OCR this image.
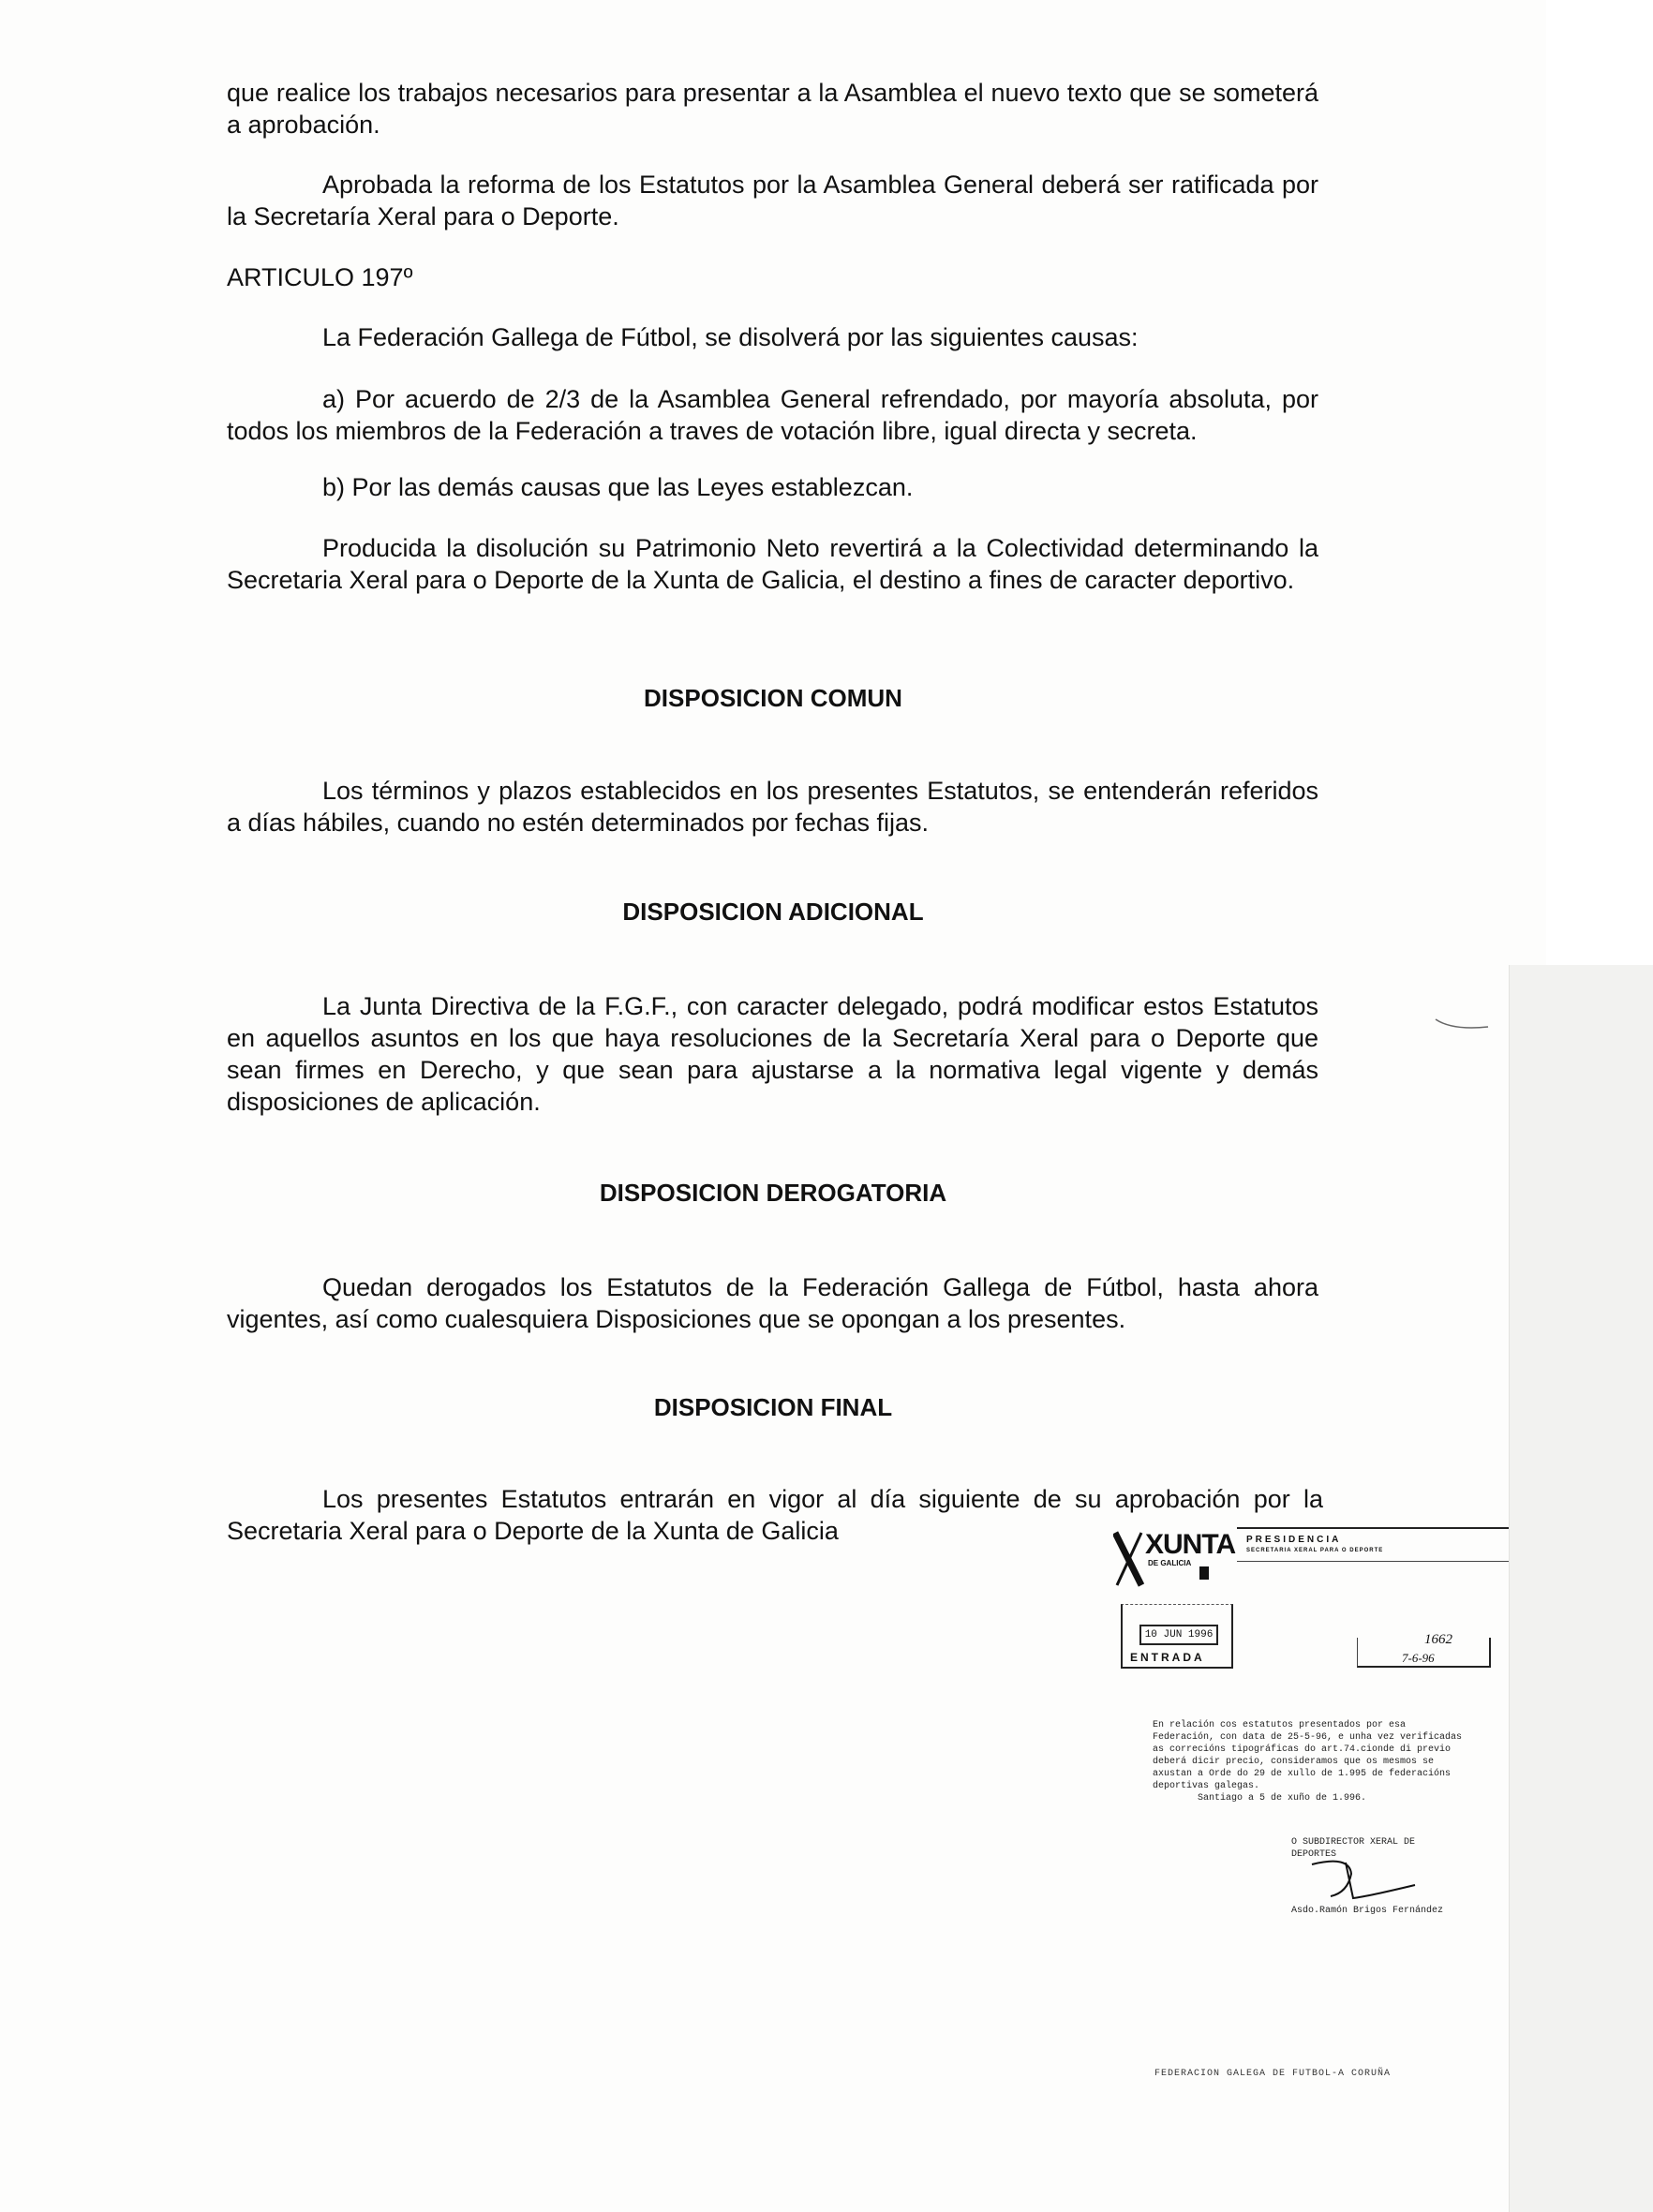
que realice los trabajos necesarios para presentar a la Asamblea el nuevo texto que se someterá a aprobación.

Aprobada la reforma de los Estatutos por la Asamblea General deberá ser ratificada por la Secretaría Xeral para o Deporte.

ARTICULO 197º

La Federación Gallega de Fútbol, se disolverá por las siguientes causas:

a) Por acuerdo de 2/3 de la Asamblea General refrendado, por mayoría absoluta, por todos los miembros de la Federación a traves de votación libre, igual directa y secreta.

b) Por las demás causas que las Leyes establezcan.

Producida la disolución su Patrimonio Neto revertirá a la Colectividad determinando la Secretaria Xeral para o Deporte de la Xunta de Galicia, el destino a fines de caracter deportivo.

DISPOSICION COMUN

Los términos y plazos establecidos en los presentes Estatutos, se entenderán referidos a días hábiles, cuando no estén determinados por fechas fijas.

DISPOSICION ADICIONAL

La Junta Directiva de la F.G.F., con caracter delegado, podrá modificar estos Estatutos en aquellos asuntos en los que haya resoluciones de la Secretaría Xeral para o Deporte que sean firmes en Derecho, y que sean para ajustarse a la normativa legal vigente y demás disposiciones de aplicación.

DISPOSICION DEROGATORIA

Quedan derogados los Estatutos de la Federación Gallega de Fútbol, hasta ahora vigentes, así como cualesquiera Disposiciones que se opongan a los presentes.

DISPOSICION FINAL

Los presentes Estatutos entrarán en vigor al día siguiente de su aprobación por la Secretaria Xeral para o Deporte de la Xunta de Galicia	XUNTA
DE GALICIA
PRESIDENCIA
SECRETARIA XERAL PARA O DEPORTE
10 JUN 1996
ENTRADA
1662
7-6-96

En relación cos estatutos presentados por esa Federación, con data de 25-5-96, e unha vez verificadas as correcións tipográficas do art.74.cionde di previo deberá dicir precio, consideramos que os mesmos se axustan a Orde do 29 de xullo de 1.995 de federacións deportivas galegas.
Santiago a 5 de xuño de 1.996.

O SUBDIRECTOR XERAL DE
DEPORTES

Asdo.Ramón Brigos Fernández
FEDERACION GALEGA DE FUTBOL-A CORUÑA
